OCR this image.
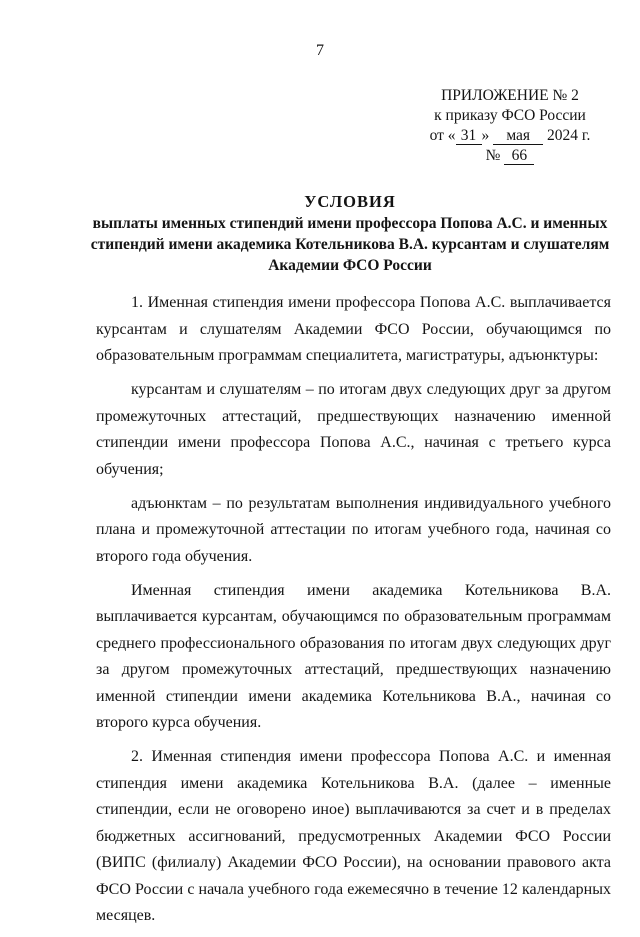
7
ПРИЛОЖЕНИЕ № 2
к приказу ФСО России
от « 31 » мая 2024 г.
№ 66
УСЛОВИЯ
выплаты именных стипендий имени профессора Попова А.С. и именных
стипендий имени академика Котельникова В.А. курсантам и слушателям
Академии ФСО России

1. Именная стипендия имени профессора Попова А.С. выплачивается курсантам и слушателям Академии ФСО России, обучающимся по образовательным программам специалитета, магистратуры, адъюнктуры:

курсантам и слушателям – по итогам двух следующих друг за другом промежуточных аттестаций, предшествующих назначению именной стипендии имени профессора Попова А.С., начиная с третьего курса обучения;

адъюнктам – по результатам выполнения индивидуального учебного плана и промежуточной аттестации по итогам учебного года, начиная со второго года обучения.

Именная стипендия имени академика Котельникова В.А. выплачивается курсантам, обучающимся по образовательным программам среднего профессионального образования по итогам двух следующих друг за другом промежуточных аттестаций, предшествующих назначению именной стипендии имени академика Котельникова В.А., начиная со второго курса обучения.

2. Именная стипендия имени профессора Попова А.С. и именная стипендия имени академика Котельникова В.А. (далее – именные стипендии, если не оговорено иное) выплачиваются за счет и в пределах бюджетных ассигнований, предусмотренных Академии ФСО России (ВИПС (филиалу) Академии ФСО России), на основании правового акта ФСО России с начала учебного года ежемесячно в течение 12 календарных месяцев.
